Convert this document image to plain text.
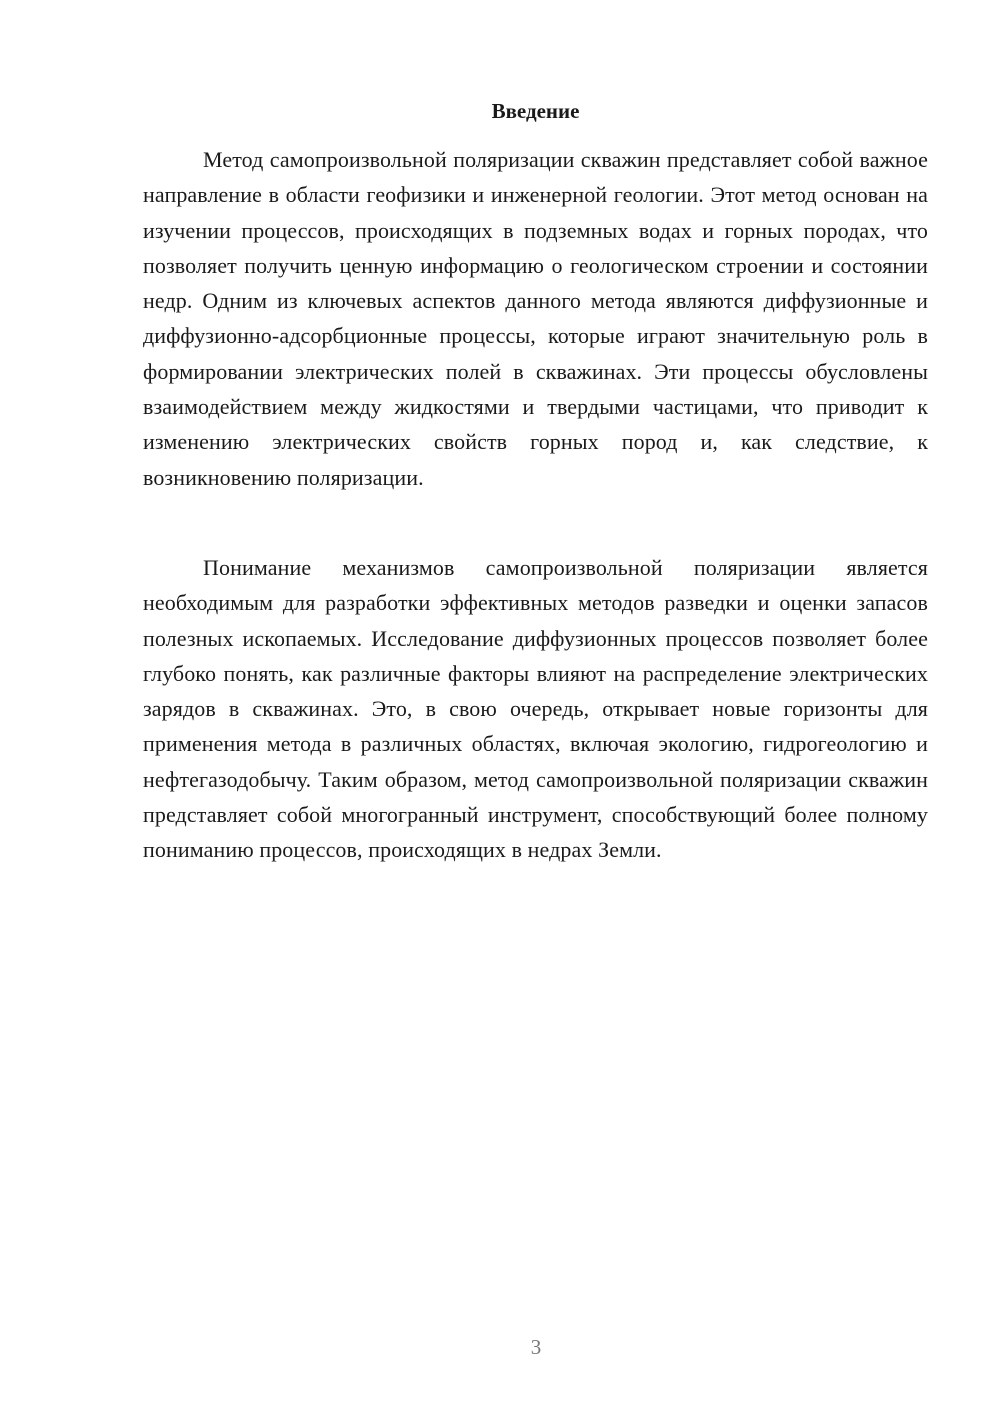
Введение

Метод самопроизвольной поляризации скважин представляет собой важное направление в области геофизики и инженерной геологии. Этот метод основан на изучении процессов, происходящих в подземных водах и горных породах, что позволяет получить ценную информацию о геологическом строении и состоянии недр. Одним из ключевых аспектов данного метода являются диффузионные и диффузионно-адсорбционные процессы, которые играют значительную роль в формировании электрических полей в скважинах. Эти процессы обусловлены взаимодействием между жидкостями и твердыми частицами, что приводит к изменению электрических свойств горных пород и, как следствие, к возникновению поляризации.

Понимание механизмов самопроизвольной поляризации является необходимым для разработки эффективных методов разведки и оценки запасов полезных ископаемых. Исследование диффузионных процессов позволяет более глубоко понять, как различные факторы влияют на распределение электрических зарядов в скважинах. Это, в свою очередь, открывает новые горизонты для применения метода в различных областях, включая экологию, гидрогеологию и нефтегазодобычу. Таким образом, метод самопроизвольной поляризации скважин представляет собой многогранный инструмент, способствующий более полному пониманию процессов, происходящих в недрах Земли.

3
